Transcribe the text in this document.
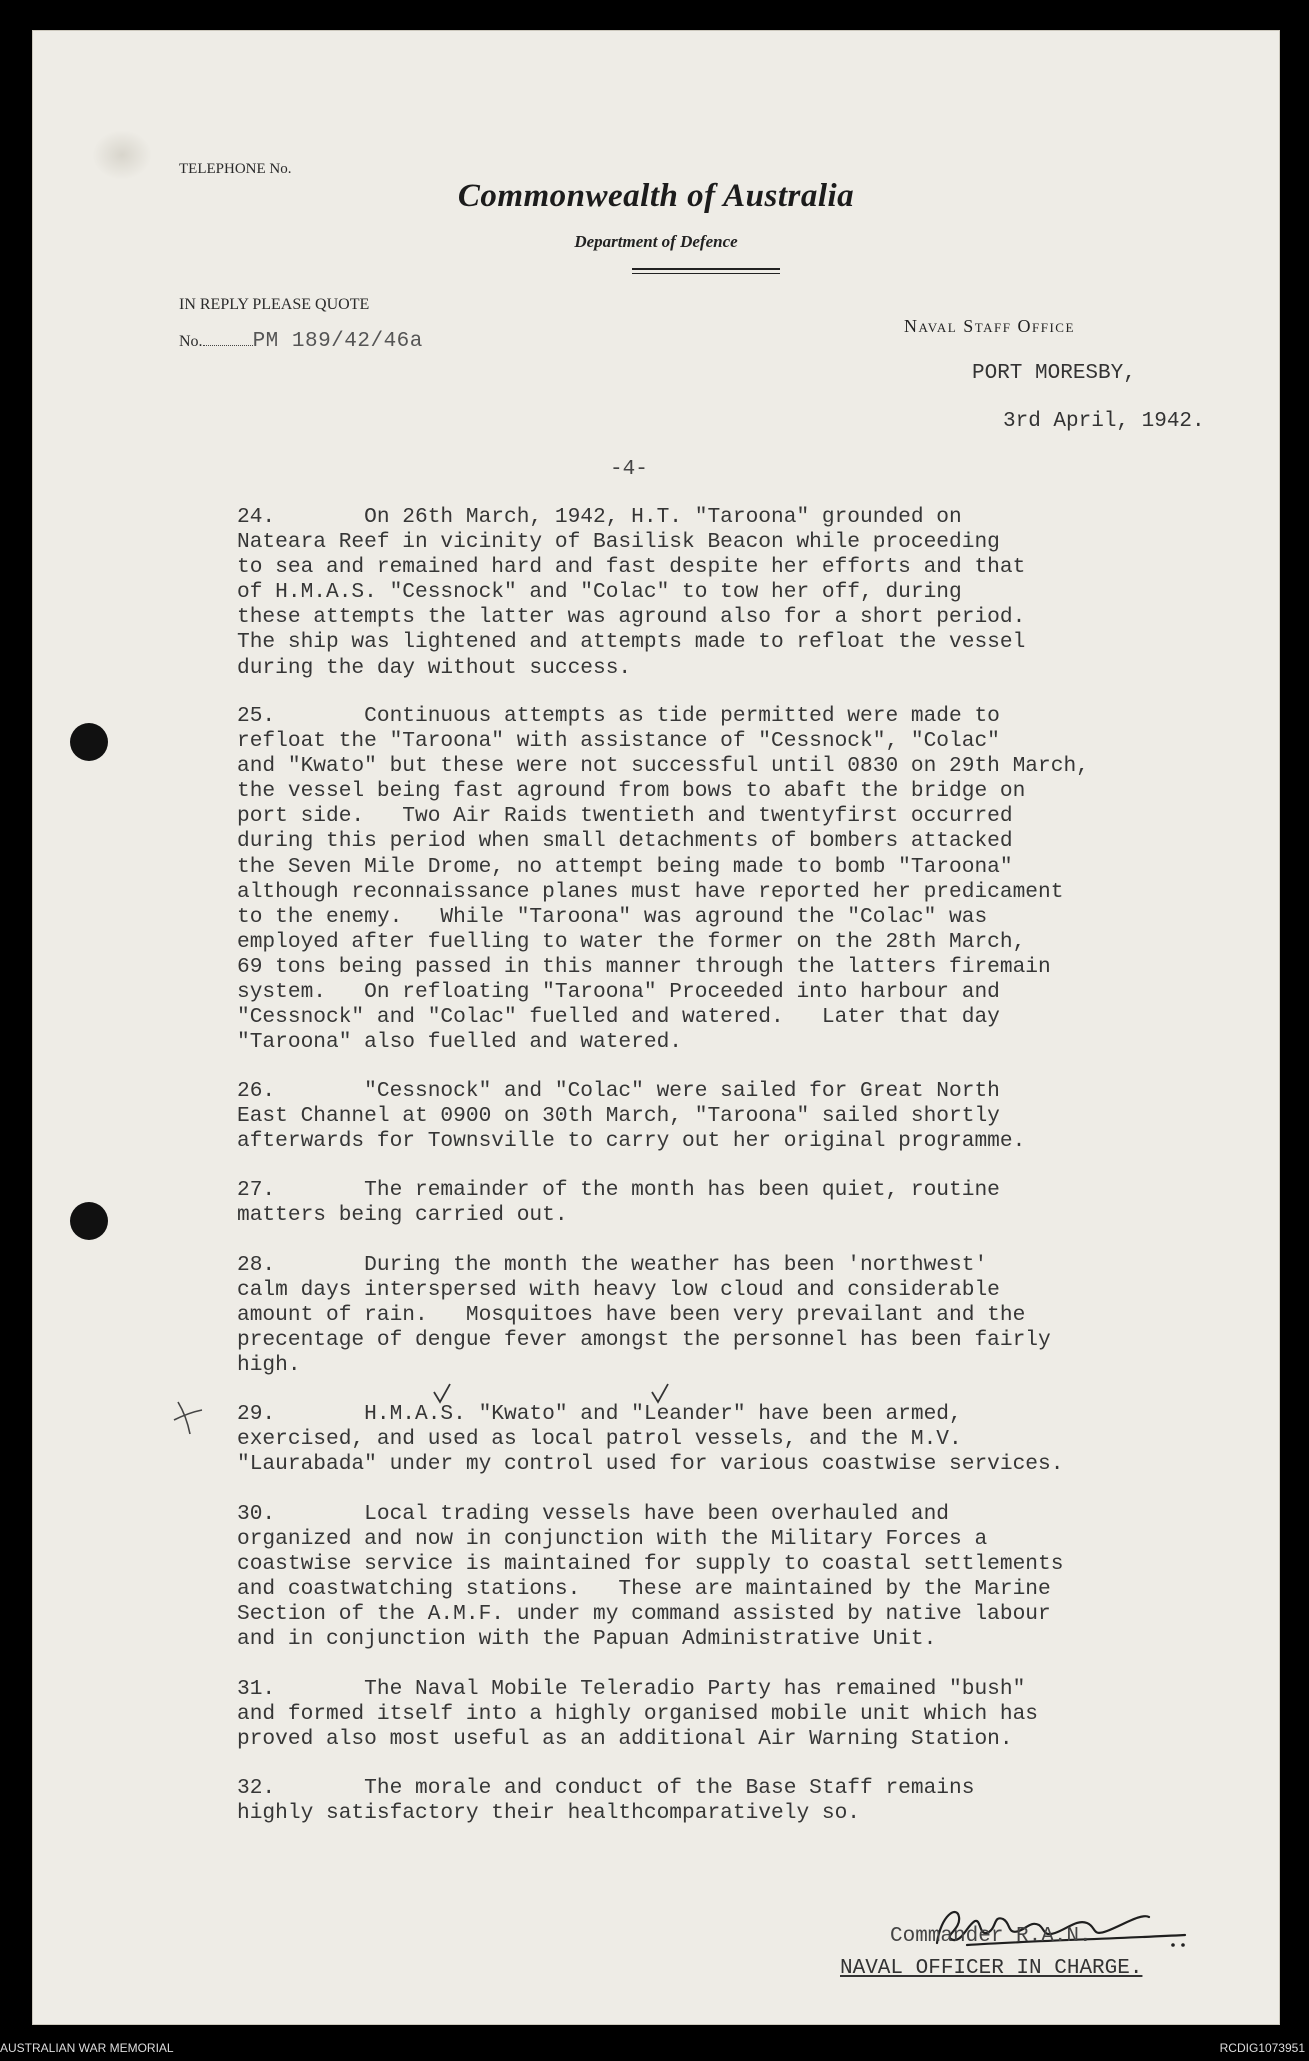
TELEPHONE No.
Commonwealth of Australia
Department of Defence
IN REPLY PLEASE QUOTE
No. PM 189/42/46a
Naval Staff Office
PORT MORESBY,
3rd April, 1942.
-4-
24.       On 26th March, 1942, H.T. "Taroona" grounded on
Nateara Reef in vicinity of Basilisk Beacon while proceeding
to sea and remained hard and fast despite her efforts and that
of H.M.A.S. "Cessnock" and "Colac" to tow her off, during
these attempts the latter was aground also for a short period.
The ship was lightened and attempts made to refloat the vessel
during the day without success.
25.       Continuous attempts as tide permitted were made to
refloat the "Taroona" with assistance of "Cessnock", "Colac"
and "Kwato" but these were not successful until 0830 on 29th March,
the vessel being fast aground from bows to abaft the bridge on
port side.   Two Air Raids twentieth and twentyfirst occurred
during this period when small detachments of bombers attacked
the Seven Mile Drome, no attempt being made to bomb "Taroona"
although reconnaissance planes must have reported her predicament
to the enemy.   While "Taroona" was aground the "Colac" was
employed after fuelling to water the former on the 28th March,
69 tons being passed in this manner through the latters firemain
system.   On refloating "Taroona" Proceeded into harbour and
"Cessnock" and "Colac" fuelled and watered.   Later that day
"Taroona" also fuelled and watered.
26.       "Cessnock" and "Colac" were sailed for Great North
East Channel at 0900 on 30th March, "Taroona" sailed shortly
afterwards for Townsville to carry out her original programme.
27.       The remainder of the month has been quiet, routine
matters being carried out.
28.       During the month the weather has been 'northwest'
calm days interspersed with heavy low cloud and considerable
amount of rain.   Mosquitoes have been very prevailant and the
precentage of dengue fever amongst the personnel has been fairly
high.
29.       H.M.A.S. "Kwato" and "Leander" have been armed,
exercised, and used as local patrol vessels, and the M.V.
"Laurabada" under my control used for various coastwise services.
30.       Local trading vessels have been overhauled and
organized and now in conjunction with the Military Forces a
coastwise service is maintained for supply to coastal settlements
and coastwatching stations.   These are maintained by the Marine
Section of the A.M.F. under my command assisted by native labour
and in conjunction with the Papuan Administrative Unit.
31.       The Naval Mobile Teleradio Party has remained "bush"
and formed itself into a highly organised mobile unit which has
proved also most useful as an additional Air Warning Station.
32.       The morale and conduct of the Base Staff remains
highly satisfactory their healthcomparatively so.
Commander R.A.N.
NAVAL OFFICER IN CHARGE.
AUSTRALIAN WAR MEMORIAL	RCDIG1073951
